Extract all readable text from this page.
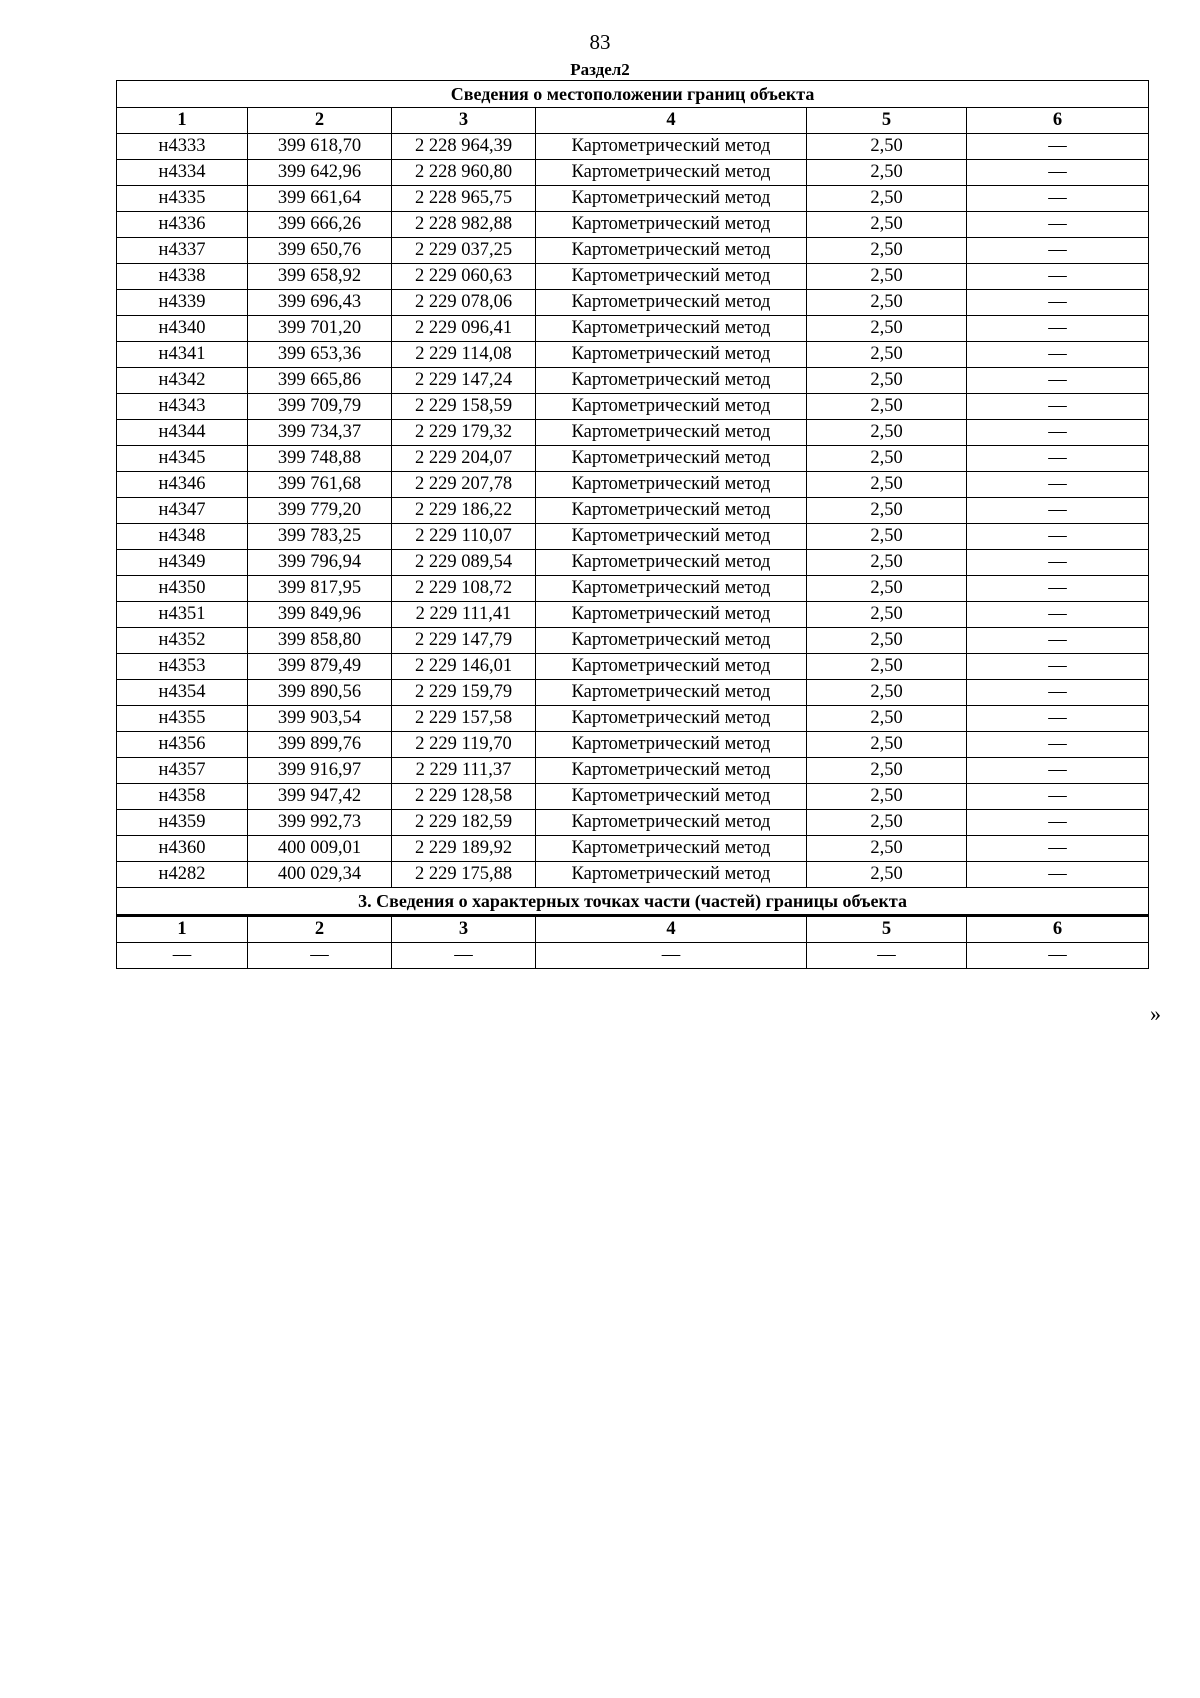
83
Раздел2
Сведения о местоположении границ объекта					
1	2	3	4	5	6
н4333	399 618,70	2 228 964,39	Картометрический метод	2,50	—
н4334	399 642,96	2 228 960,80	Картометрический метод	2,50	—
н4335	399 661,64	2 228 965,75	Картометрический метод	2,50	—
н4336	399 666,26	2 228 982,88	Картометрический метод	2,50	—
н4337	399 650,76	2 229 037,25	Картометрический метод	2,50	—
н4338	399 658,92	2 229 060,63	Картометрический метод	2,50	—
н4339	399 696,43	2 229 078,06	Картометрический метод	2,50	—
н4340	399 701,20	2 229 096,41	Картометрический метод	2,50	—
н4341	399 653,36	2 229 114,08	Картометрический метод	2,50	—
н4342	399 665,86	2 229 147,24	Картометрический метод	2,50	—
н4343	399 709,79	2 229 158,59	Картометрический метод	2,50	—
н4344	399 734,37	2 229 179,32	Картометрический метод	2,50	—
н4345	399 748,88	2 229 204,07	Картометрический метод	2,50	—
н4346	399 761,68	2 229 207,78	Картометрический метод	2,50	—
н4347	399 779,20	2 229 186,22	Картометрический метод	2,50	—
н4348	399 783,25	2 229 110,07	Картометрический метод	2,50	—
н4349	399 796,94	2 229 089,54	Картометрический метод	2,50	—
н4350	399 817,95	2 229 108,72	Картометрический метод	2,50	—
н4351	399 849,96	2 229 111,41	Картометрический метод	2,50	—
н4352	399 858,80	2 229 147,79	Картометрический метод	2,50	—
н4353	399 879,49	2 229 146,01	Картометрический метод	2,50	—
н4354	399 890,56	2 229 159,79	Картометрический метод	2,50	—
н4355	399 903,54	2 229 157,58	Картометрический метод	2,50	—
н4356	399 899,76	2 229 119,70	Картометрический метод	2,50	—
н4357	399 916,97	2 229 111,37	Картометрический метод	2,50	—
н4358	399 947,42	2 229 128,58	Картометрический метод	2,50	—
н4359	399 992,73	2 229 182,59	Картометрический метод	2,50	—
н4360	400 009,01	2 229 189,92	Картометрический метод	2,50	—
н4282	400 029,34	2 229 175,88	Картометрический метод	2,50	—
3. Сведения о характерных точках части (частей) границы объекта					
1	2	3	4	5	6
—	—	—	—	—	—
»
